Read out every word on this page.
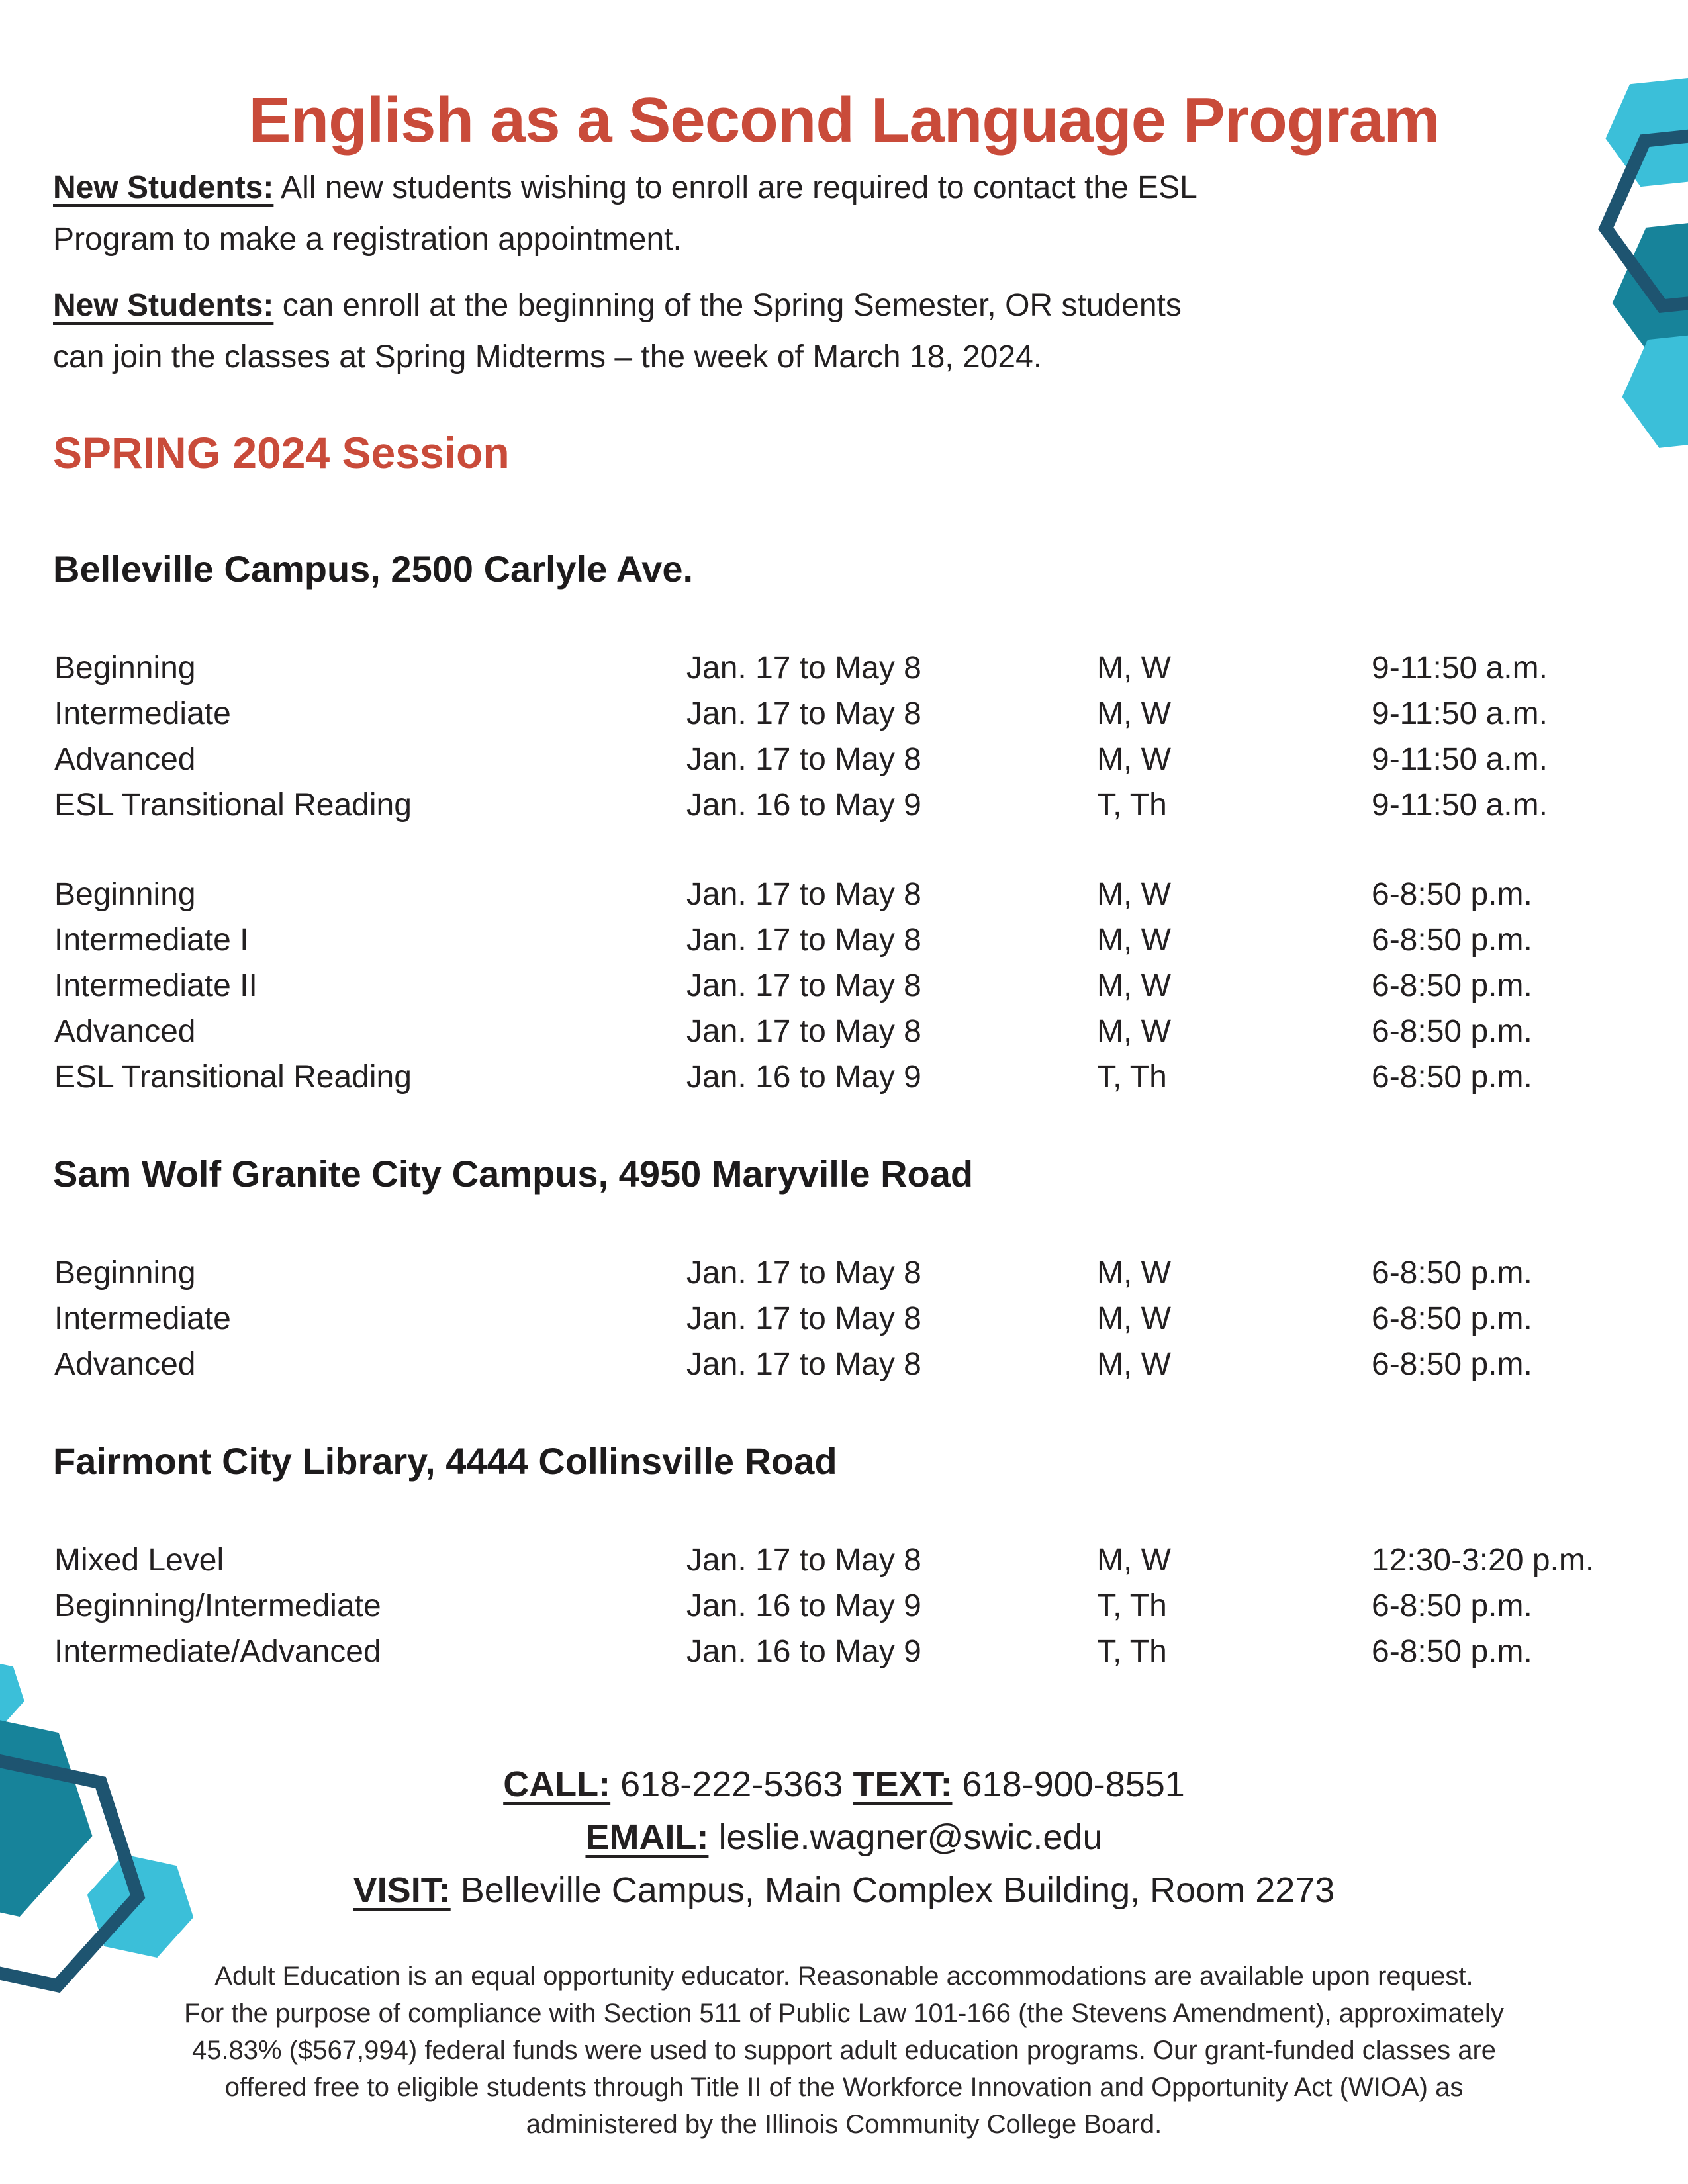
English as a Second Language Program

New Students: All new students wishing to enroll are required to contact the ESL
Program to make a registration appointment.

New Students: can enroll at the beginning of the Spring Semester, OR students
can join the classes at Spring Midterms – the week of March 18, 2024.

SPRING 2024 Session
Belleville Campus, 2500 Carlyle Ave.
Beginning	Jan. 17 to May 8	M, W	9-11:50 a.m.
Intermediate	Jan. 17 to May 8	M, W	9-11:50 a.m.
Advanced	Jan. 17 to May 8	M, W	9-11:50 a.m.
ESL Transitional Reading	Jan. 16 to May 9	T, Th	9-11:50 a.m.
Beginning	Jan. 17 to May 8	M, W	6-8:50 p.m.
Intermediate I	Jan. 17 to May 8	M, W	6-8:50 p.m.
Intermediate II	Jan. 17 to May 8	M, W	6-8:50 p.m.
Advanced	Jan. 17 to May 8	M, W	6-8:50 p.m.
ESL Transitional Reading	Jan. 16 to May 9	T, Th	6-8:50 p.m.
Sam Wolf Granite City Campus, 4950 Maryville Road
Beginning	Jan. 17 to May 8	M, W	6-8:50 p.m.
Intermediate	Jan. 17 to May 8	M, W	6-8:50 p.m.
Advanced	Jan. 17 to May 8	M, W	6-8:50 p.m.
Fairmont City Library, 4444 Collinsville Road
Mixed Level	Jan. 17 to May 8	M, W	12:30-3:20 p.m.
Beginning/Intermediate	Jan. 16 to May 9	T, Th	6-8:50 p.m.
Intermediate/Advanced	Jan. 16 to May 9	T, Th	6-8:50 p.m.
CALL: 618-222-5363 TEXT: 618-900-8551
EMAIL: leslie.wagner@swic.edu
VISIT: Belleville Campus, Main Complex Building, Room 2273
Adult Education is an equal opportunity educator. Reasonable accommodations are available upon request.
For the purpose of compliance with Section 511 of Public Law 101-166 (the Stevens Amendment), approximately
45.83% ($567,994) federal funds were used to support adult education programs. Our grant-funded classes are
offered free to eligible students through Title II of the Workforce Innovation and Opportunity Act (WIOA) as
administered by the Illinois Community College Board.
